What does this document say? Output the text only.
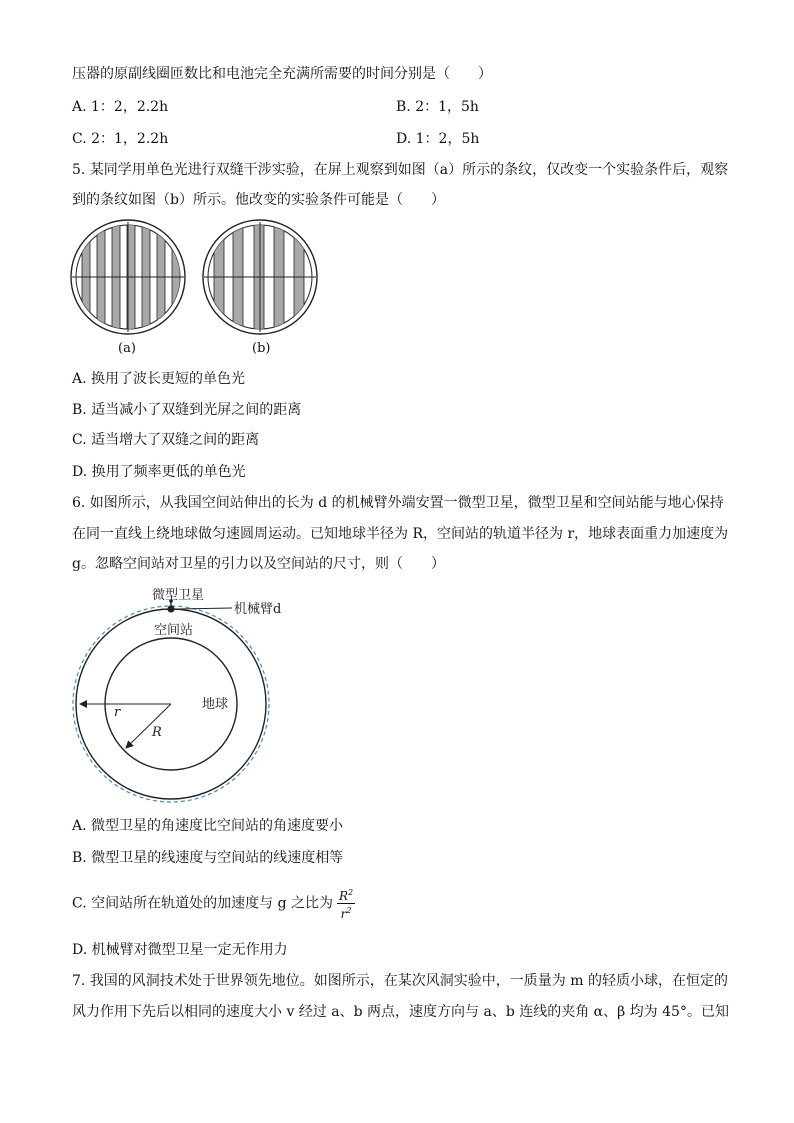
压器的原副线圈匝数比和电池完全充满所需要的时间分别是（　　）
A. 1：2，2.2h	B. 2：1，5h
C. 2：1，2.2h	D. 1：2，5h
5. 某同学用单色光进行双缝干涉实验，在屏上观察到如图（a）所示的条纹，仅改变一个实验条件后，观察
到的条纹如图（b）所示。他改变的实验条件可能是（　　）
(a)	(b)
A. 换用了波长更短的单色光
B. 适当减小了双缝到光屏之间的距离
C. 适当增大了双缝之间的距离
D. 换用了频率更低的单色光
6. 如图所示，从我国空间站伸出的长为 d 的机械臂外端安置一微型卫星，微型卫星和空间站能与地心保持
在同一直线上绕地球做匀速圆周运动。已知地球半径为 R，空间站的轨道半径为 r，地球表面重力加速度为
g。忽略空间站对卫星的引力以及空间站的尺寸，则（　　）
微型卫星
机械臂d
空间站
地球
r
R
A. 微型卫星的角速度比空间站的角速度要小
B. 微型卫星的线速度与空间站的线速度相等
C. 空间站所在轨道处的加速度与 g 之比为 $\frac{R^2}{r^2}$
D. 机械臂对微型卫星一定无作用力
7. 我国的风洞技术处于世界领先地位。如图所示，在某次风洞实验中，一质量为 m 的轻质小球，在恒定的
风力作用下先后以相同的速度大小 v 经过 a、b 两点，速度方向与 a、b 连线的夹角 α、β 均为 45°。已知
